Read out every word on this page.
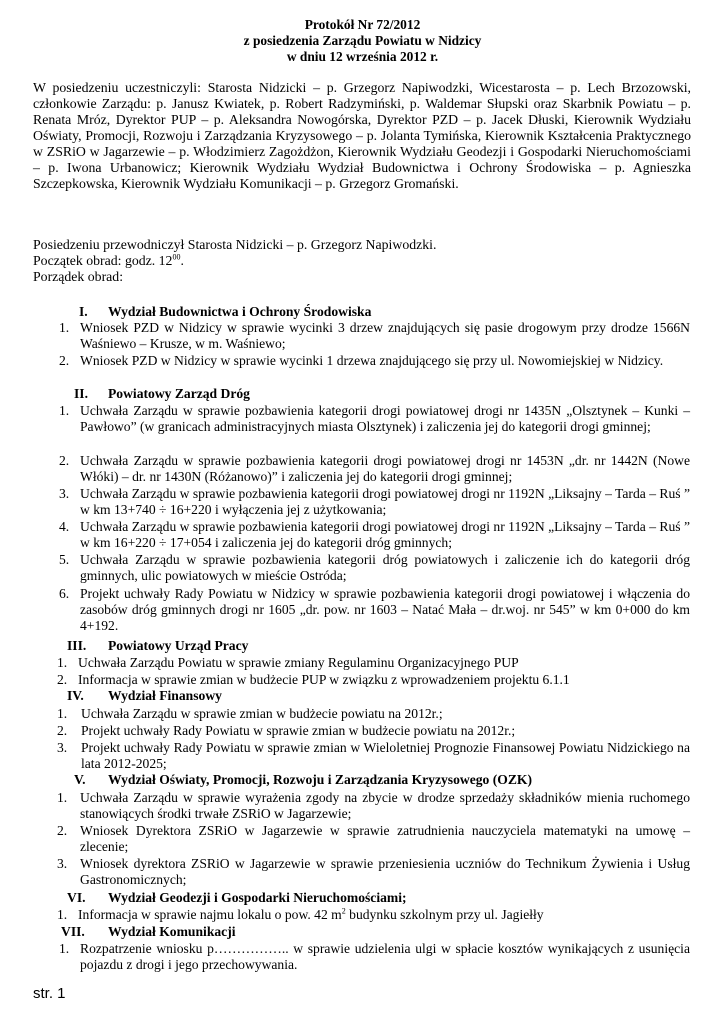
Protokół Nr 72/2012
z posiedzenia Zarządu Powiatu w Nidzicy
w dniu 12 września 2012 r.
W posiedzeniu uczestniczyli: Starosta Nidzicki – p. Grzegorz Napiwodzki, Wicestarosta – p. Lech Brzozowski, członkowie Zarządu: p. Janusz Kwiatek, p. Robert Radzymiński, p. Waldemar Słupski oraz Skarbnik Powiatu – p. Renata Mróz, Dyrektor PUP – p. Aleksandra Nowogórska, Dyrektor PZD – p. Jacek Dłuski, Kierownik Wydziału Oświaty, Promocji, Rozwoju i Zarządzania Kryzysowego – p. Jolanta Tymińska, Kierownik Kształcenia Praktycznego w ZSRiO w Jagarzewie – p. Włodzimierz Zagożdżon, Kierownik Wydziału Geodezji i Gospodarki Nieruchomościami – p. Iwona Urbanowicz; Kierownik Wydziału Wydział Budownictwa i Ochrony Środowiska – p. Agnieszka Szczepkowska, Kierownik Wydziału Komunikacji – p. Grzegorz Gromański.
Posiedzeniu przewodniczył Starosta Nidzicki – p. Grzegorz Napiwodzki.
Początek obrad: godz. $12^{00}$.
Porządek obrad:
I. Wydział Budownictwa i Ochrony Środowiska
1. Wniosek PZD w Nidzicy w sprawie wycinki 3 drzew znajdujących się pasie drogowym przy drodze 1566N Waśniewo – Krusze, w m. Waśniewo;
2. Wniosek PZD w Nidzicy w sprawie wycinki 1 drzewa znajdującego się przy ul. Nowomiejskiej w Nidzicy.
II. Powiatowy Zarząd Dróg
1. Uchwała Zarządu w sprawie pozbawienia kategorii drogi powiatowej drogi nr 1435N „Olsztynek – Kunki – Pawłowo” (w granicach administracyjnych miasta Olsztynek) i zaliczenia jej do kategorii drogi gminnej;
2. Uchwała Zarządu w sprawie pozbawienia kategorii drogi powiatowej drogi nr 1453N „dr. nr 1442N (Nowe Włóki) – dr. nr 1430N (Różanowo)” i zaliczenia jej do kategorii drogi gminnej;
3. Uchwała Zarządu w sprawie pozbawienia kategorii drogi powiatowej drogi nr 1192N „Liksajny – Tarda – Ruś ” w km 13+740 ÷ 16+220 i wyłączenia jej z użytkowania;
4. Uchwała Zarządu w sprawie pozbawienia kategorii drogi powiatowej drogi nr 1192N „Liksajny – Tarda – Ruś ” w km 16+220 ÷ 17+054 i zaliczenia jej do kategorii dróg gminnych;
5. Uchwała Zarządu w sprawie pozbawienia kategorii dróg powiatowych i zaliczenie ich do kategorii dróg gminnych, ulic powiatowych w mieście Ostróda;
6. Projekt uchwały Rady Powiatu w Nidzicy w sprawie pozbawienia kategorii drogi powiatowej i włączenia do zasobów dróg gminnych drogi nr 1605 „dr. pow. nr 1603 – Natać Mała – dr.woj. nr 545” w km 0+000 do km 4+192.
III. Powiatowy Urząd Pracy
1. Uchwała Zarządu Powiatu w sprawie zmiany Regulaminu Organizacyjnego PUP
2. Informacja w sprawie zmian w budżecie PUP w związku z wprowadzeniem projektu 6.1.1
IV. Wydział Finansowy
1. Uchwała Zarządu w sprawie zmian w budżecie powiatu na 2012r.;
2. Projekt uchwały Rady Powiatu w sprawie zmian w budżecie powiatu na 2012r.;
3. Projekt uchwały Rady Powiatu w sprawie zmian w Wieloletniej Prognozie Finansowej Powiatu Nidzickiego na lata 2012-2025;
V. Wydział Oświaty, Promocji, Rozwoju i Zarządzania Kryzysowego (OZK)
1. Uchwała Zarządu w sprawie wyrażenia zgody na zbycie w drodze sprzedaży składników mienia ruchomego stanowiących środki trwałe ZSRiO w Jagarzewie;
2. Wniosek Dyrektora ZSRiO w Jagarzewie w sprawie zatrudnienia nauczyciela matematyki na umowę – zlecenie;
3. Wniosek dyrektora ZSRiO w Jagarzewie w sprawie przeniesienia uczniów do Technikum Żywienia i Usług Gastronomicznych;
VI. Wydział Geodezji i Gospodarki Nieruchomościami;
1. Informacja w sprawie najmu lokalu o pow. 42 $m^2$ budynku szkolnym przy ul. Jagiełły
VII. Wydział Komunikacji
1. Rozpatrzenie wniosku p…………….. w sprawie udzielenia ulgi w spłacie kosztów wynikających z usunięcia pojazdu z drogi i jego przechowywania.
str. 1
